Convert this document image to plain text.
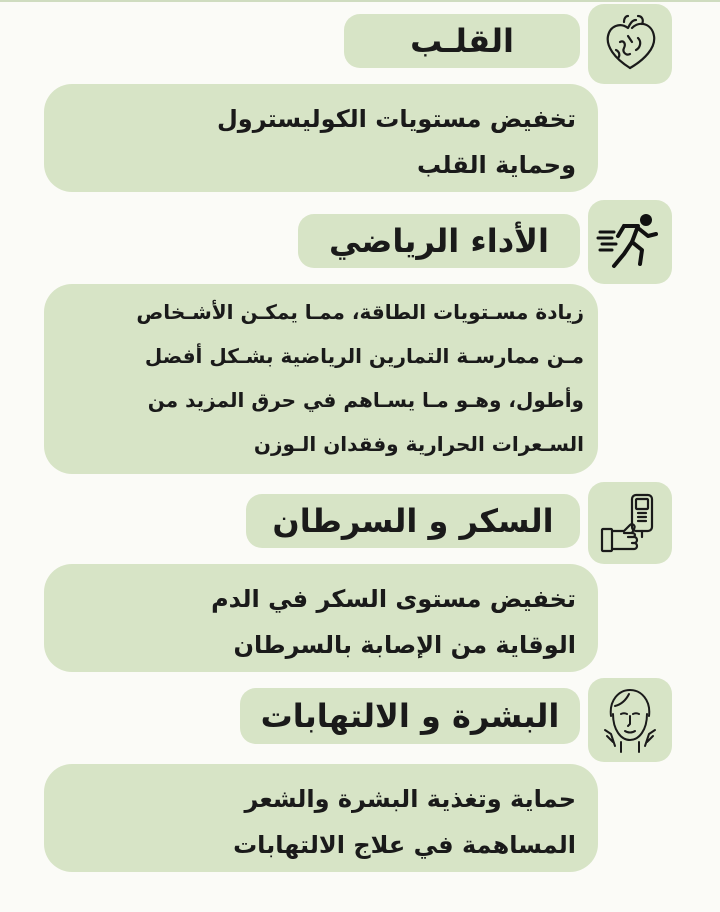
القلـب
تخفيض مستويات الكوليسترول
وحماية القلب
الأداء الرياضي
زيادة مسـتويات الطاقة، ممـا يمكـن الأشـخاص
مـن ممارسـة التمارين الرياضية بشـكل أفضل
وأطول، وهـو مـا يسـاهم في حرق المزيد من
السـعرات الحرارية وفقدان الـوزن
السكر و السرطان
تخفيض مستوى السكر في الدم
الوقاية من الإصابة بالسرطان
البشرة و الالتهابات
حماية وتغذية البشرة والشعر
المساهمة في علاج الالتهابات
